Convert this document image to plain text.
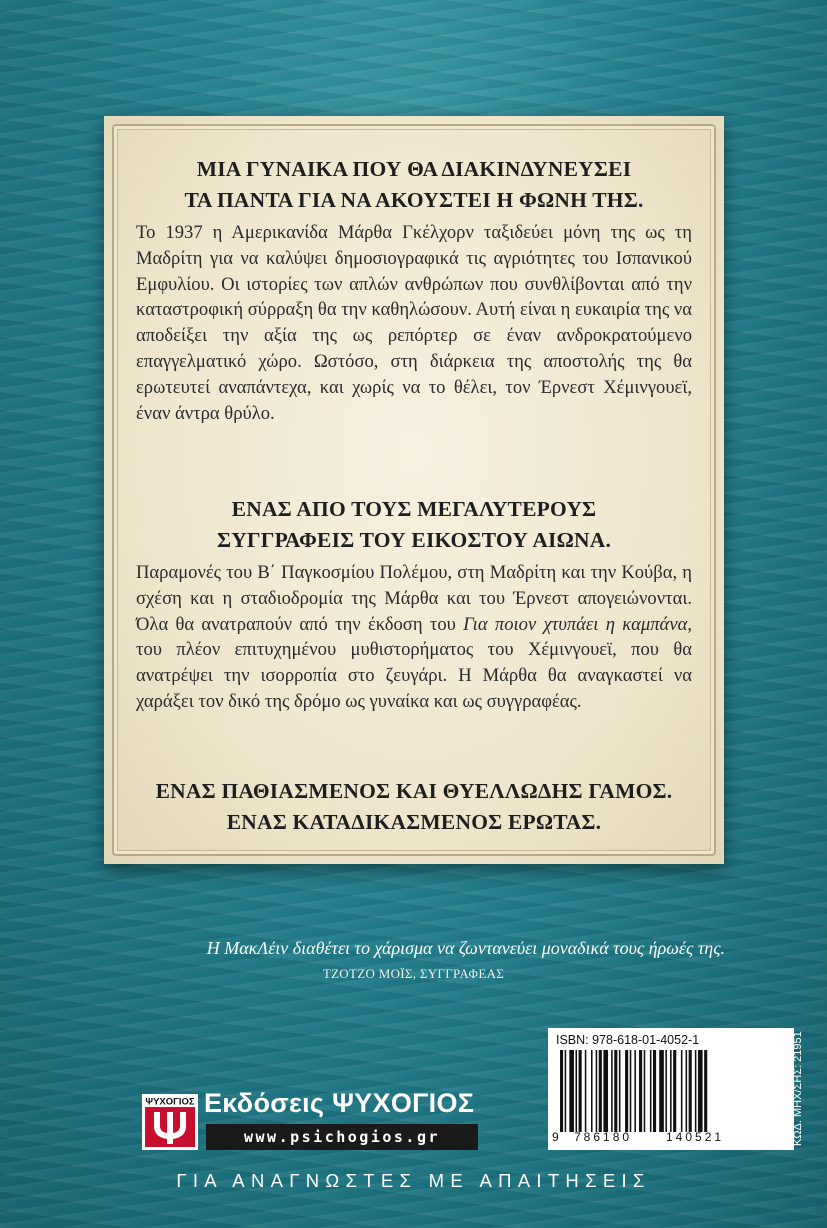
ΜΙΑ ΓΥΝΑΙΚΑ ΠΟΥ ΘΑ ΔΙΑΚΙΝΔΥΝΕΥΣΕΙ
ΤΑ ΠΑΝΤΑ ΓΙΑ ΝΑ ΑΚΟΥΣΤΕΙ Η ΦΩΝΗ ΤΗΣ.
Το 1937 η Αμερικανίδα Μάρθα Γκέλχορν ταξιδεύει μόνη της ως τη Μαδρίτη για να καλύψει δημοσιογραφικά τις αγριότητες του Ισπανικού Εμφυλίου. Οι ιστορίες των απλών ανθρώπων που συνθλίβονται από την καταστροφική σύρραξη θα την καθηλώσουν. Αυτή είναι η ευκαιρία της να αποδείξει την αξία της ως ρεπόρτερ σε έναν ανδροκρατούμενο επαγγελματικό χώρο. Ωστόσο, στη διάρκεια της αποστολής της θα ερωτευτεί αναπάντεχα, και χωρίς να το θέλει, τον Έρνεστ Χέμινγουεϊ, έναν άντρα θρύλο.
ΕΝΑΣ ΑΠΟ ΤΟΥΣ ΜΕΓΑΛΥΤΕΡΟΥΣ
ΣΥΓΓΡΑΦΕΙΣ ΤΟΥ ΕΙΚΟΣΤΟΥ ΑΙΩΝΑ.
Παραμονές του Β΄ Παγκοσμίου Πολέμου, στη Μαδρίτη και την Κούβα, η σχέση και η σταδιοδρομία της Μάρθα και του Έρνεστ απογειώνονται. Όλα θα ανατραπούν από την έκδοση του Για ποιον χτυπάει η καμπάνα, του πλέον επιτυχημένου μυθιστορήματος του Χέμινγουεϊ, που θα ανατρέψει την ισορροπία στο ζευγάρι. Η Μάρθα θα αναγκαστεί να χαράξει τον δικό της δρόμο ως γυναίκα και ως συγγραφέας.
ΕΝΑΣ ΠΑΘΙΑΣΜΕΝΟΣ ΚΑΙ ΘΥΕΛΛΩΔΗΣ ΓΑΜΟΣ.
ΕΝΑΣ ΚΑΤΑΔΙΚΑΣΜΕΝΟΣ ΕΡΩΤΑΣ.
Η ΜακΛέιν διαθέτει το χάρισμα να ζωντανεύει μοναδικά τους ήρωές της.
ΤΖΟΤΖΟ ΜΟΪΣ, ΣΥΓΓΡΑΦΕΑΣ
ISBN: 978-618-01-4052-1
9 786180	140521	ΚΩΔ. ΜΗΧ/ΣΗΣ: 21951
ΨΥΧΟΓΙΟΣ Εκδόσεις ΨΥΧΟΓΙΟΣ
www.psichogios.gr
ΓΙΑ ΑΝΑΓΝΩΣΤΕΣ ΜΕ ΑΠΑΙΤΗΣΕΙΣ
